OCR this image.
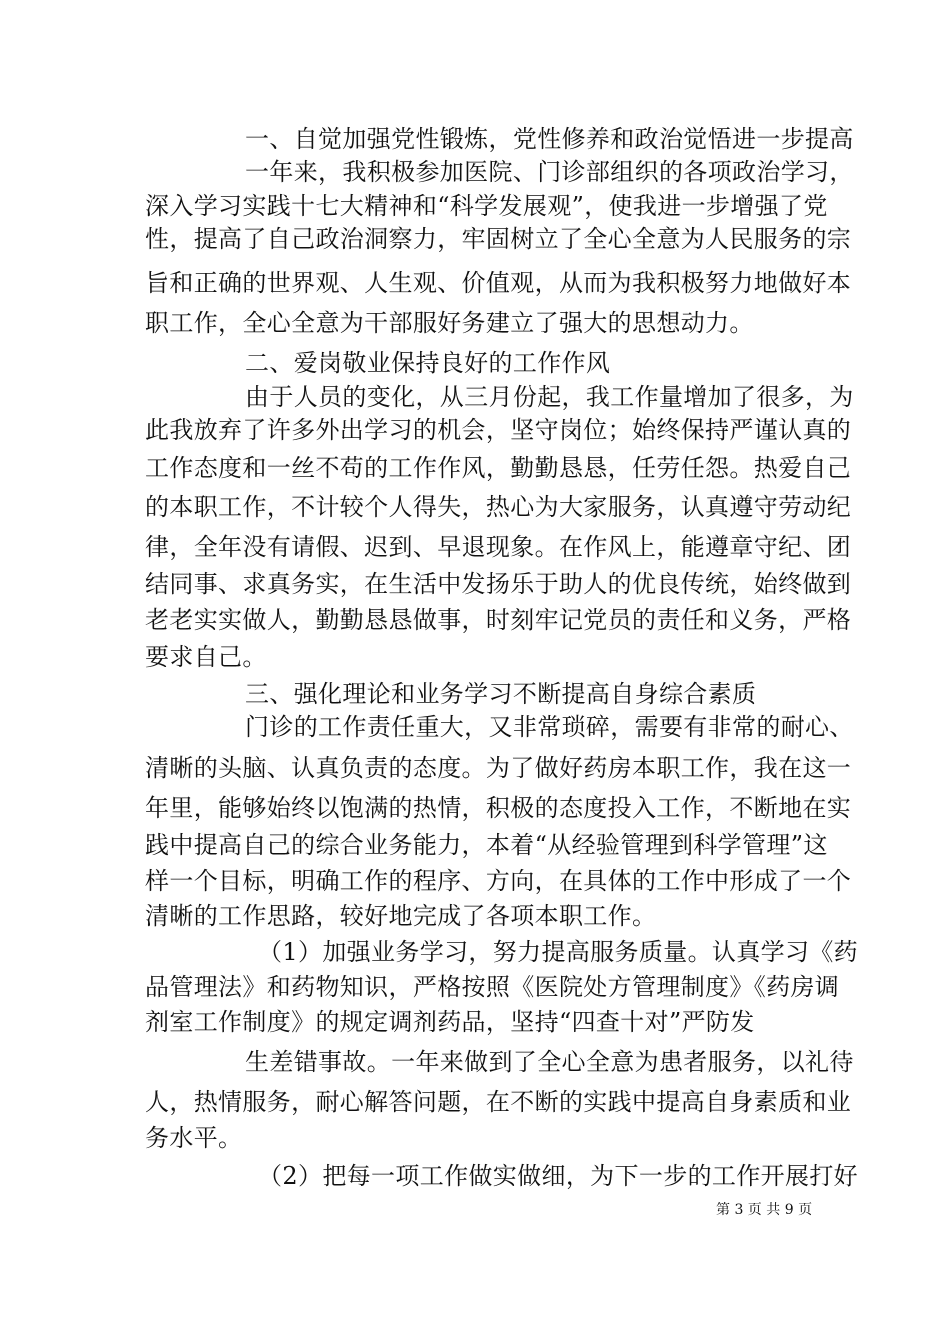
一、自觉加强党性锻炼，党性修养和政治觉悟进一步提高
一年来，我积极参加医院、门诊部组织的各项政治学习，
深入学习实践十七大精神和“科学发展观”，使我进一步增强了党
性，提高了自己政治洞察力，牢固树立了全心全意为人民服务的宗
旨和正确的世界观、人生观、价值观，从而为我积极努力地做好本
职工作，全心全意为干部服好务建立了强大的思想动力。
二、爱岗敬业保持良好的工作作风
由于人员的变化，从三月份起，我工作量增加了很多，为
此我放弃了许多外出学习的机会，坚守岗位；始终保持严谨认真的
工作态度和一丝不苟的工作作风，勤勤恳恳，任劳任怨。热爱自己
的本职工作，不计较个人得失，热心为大家服务，认真遵守劳动纪
律，全年没有请假、迟到、早退现象。在作风上，能遵章守纪、团
结同事、求真务实，在生活中发扬乐于助人的优良传统，始终做到
老老实实做人，勤勤恳恳做事，时刻牢记党员的责任和义务，严格
要求自己。
三、强化理论和业务学习不断提高自身综合素质
门诊的工作责任重大，又非常琐碎，需要有非常的耐心、
清晰的头脑、认真负责的态度。为了做好药房本职工作，我在这一
年里，能够始终以饱满的热情，积极的态度投入工作，不断地在实
践中提高自己的综合业务能力，本着“从经验管理到科学管理”这
样一个目标，明确工作的程序、方向，在具体的工作中形成了一个
清晰的工作思路，较好地完成了各项本职工作。
（1）加强业务学习，努力提高服务质量。认真学习《药
品管理法》和药物知识，严格按照《医院处方管理制度》《药房调
剂室工作制度》的规定调剂药品，坚持“四查十对”严防发
生差错事故。一年来做到了全心全意为患者服务，以礼待
人，热情服务，耐心解答问题，在不断的实践中提高自身素质和业
务水平。
（2）把每一项工作做实做细，为下一步的工作开展打好
第 3 页 共 9 页
